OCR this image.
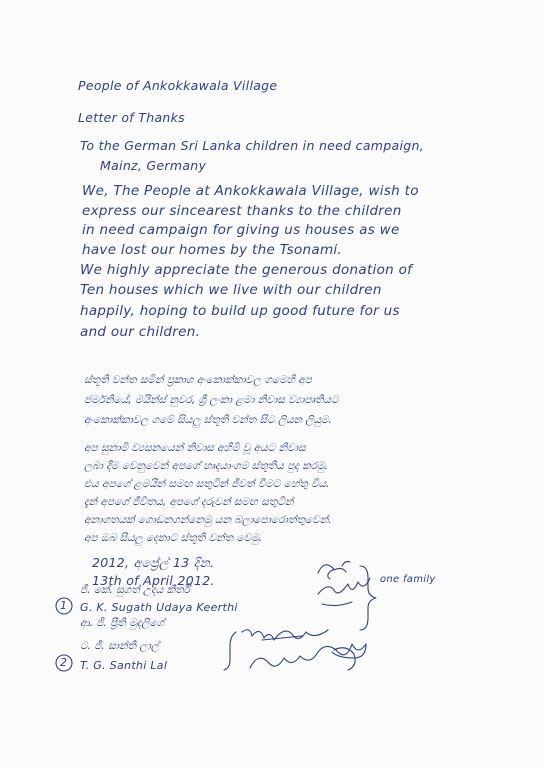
People of Ankokkawala Village
Letter of Thanks
To the German Sri Lanka children in need campaign,
Mainz, Germany
We, The People at Ankokkawala Village, wish to
express our sincearest thanks to the children
in need campaign for giving us houses as we
have lost our homes by the Tsonami.
We highly appreciate the generous donation of
Ten houses which we live with our children
happily, hoping to build up good future for us
and our children.
ස්තූති වන්ත සමින් ප්‍රකාශ අංකොක්කාවල ගමෙහි අප
ජර්මනියේ, මයින්ස් නුවර, ශ්‍රී ලංකා ළමා නිවාස ව්‍යාපෘතියට
අංකොක්කාවල ගමේ සියලු ස්තූති වන්ත සිට ලියන ලියුම.
අප සුනාමි ව්‍යසනයෙන් නිවාස අහිමි වූ අයට නිවාස
ලබා දීම වෙනුවෙන් අපගේ හෘදයාංගම ස්තූතිය පුද කරමු.
එය අපගේ ළමයින් සමඟ සතුටින් ජීවත් වීමට හේතු විය.
දැන් අපගේ ජීවිතය, අපගේ දරුවන් සමඟ සතුටින්
අනාගතයක් ගොඩනගන්නෙමු යන බලාපොරොත්තුවෙන්.
අප ඔබ සියලු දෙනාට ස්තූති වන්ත වෙමු.
2012, අප්‍රේල් 13 දින.
13th of April 2012.
1
ජී. කේ. සුගත් උදය කීර්ති
G. K. Sugath Udaya Keerthi
ආ. ජී. ප්‍රීති මුදලිගේ
one family
2
ට. ජී. සාන්ති ලාල්
T. G. Santhi Lal
